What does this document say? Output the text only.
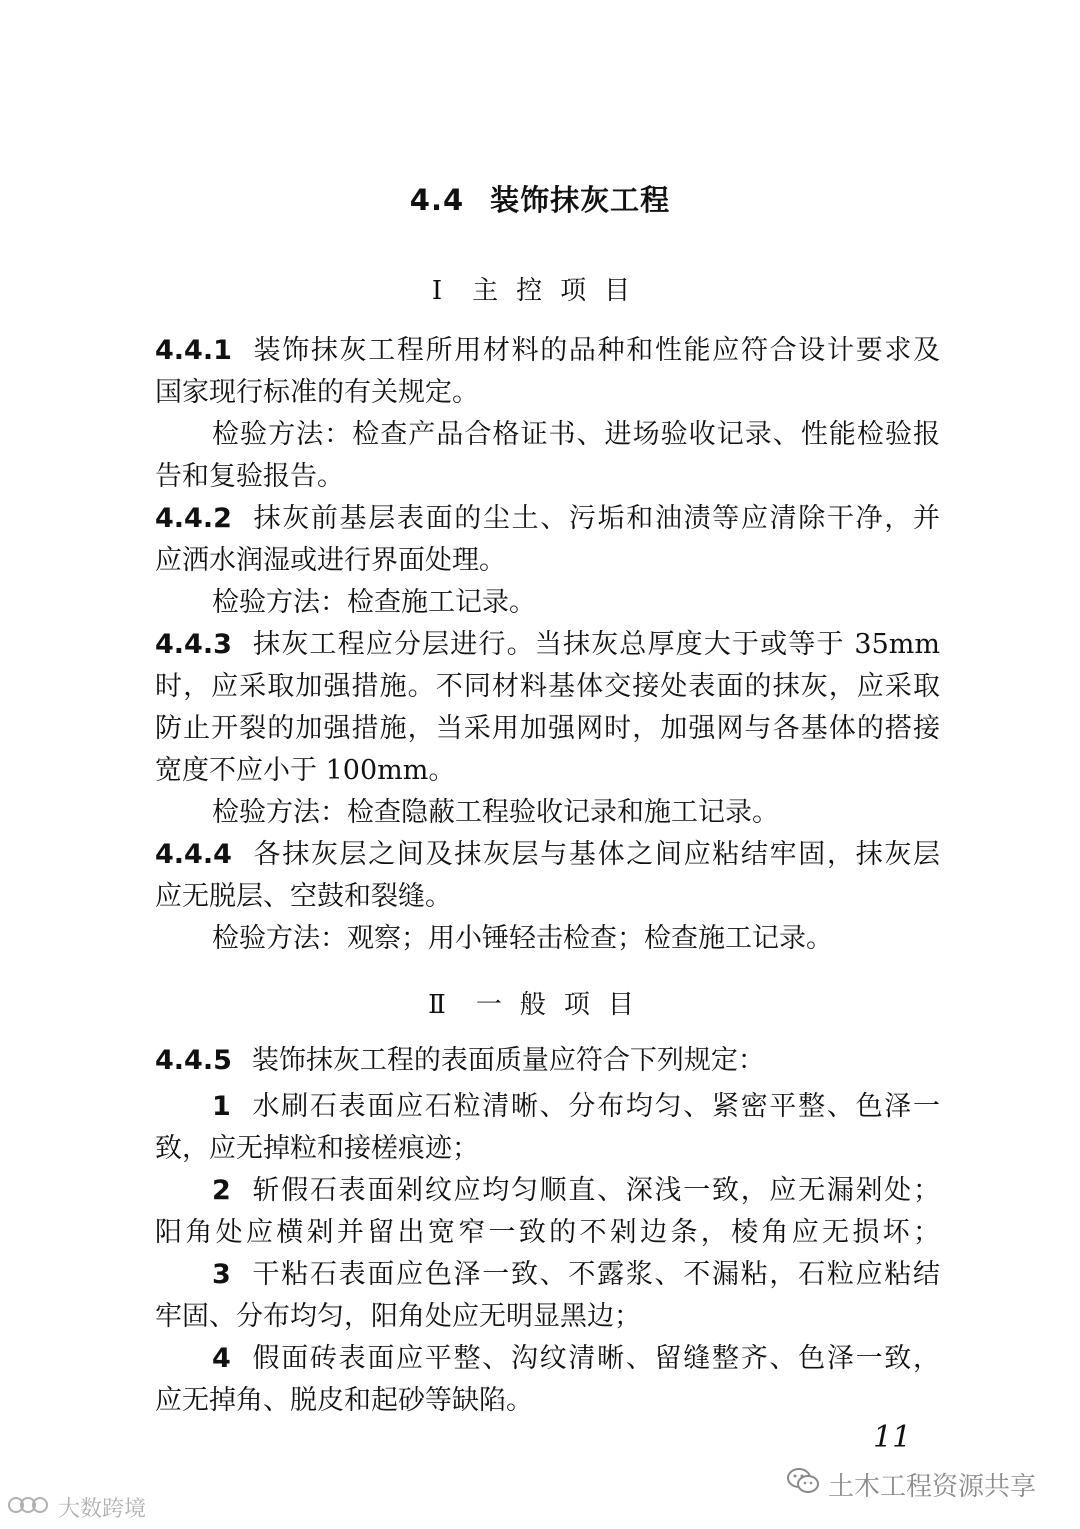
4.4 装饰抹灰工程
Ⅰ 主控项目
4.4.1 装饰抹灰工程所用材料的品种和性能应符合设计要求及
国家现行标准的有关规定。
检验方法：检查产品合格证书、进场验收记录、性能检验报
告和复验报告。
4.4.2 抹灰前基层表面的尘土、污垢和油渍等应清除干净，并
应洒水润湿或进行界面处理。
检验方法：检查施工记录。
4.4.3 抹灰工程应分层进行。当抹灰总厚度大于或等于 35mm
时，应采取加强措施。不同材料基体交接处表面的抹灰，应采取
防止开裂的加强措施，当采用加强网时，加强网与各基体的搭接
宽度不应小于 100mm。
检验方法：检查隐蔽工程验收记录和施工记录。
4.4.4 各抹灰层之间及抹灰层与基体之间应粘结牢固，抹灰层
应无脱层、空鼓和裂缝。
检验方法：观察；用小锤轻击检查；检查施工记录。
Ⅱ 一般项目
4.4.5 装饰抹灰工程的表面质量应符合下列规定：
1 水刷石表面应石粒清晰、分布均匀、紧密平整、色泽一
致，应无掉粒和接槎痕迹；
2 斩假石表面剁纹应均匀顺直、深浅一致，应无漏剁处；
阳角处应横剁并留出宽窄一致的不剁边条，棱角应无损坏；
3 干粘石表面应色泽一致、不露浆、不漏粘，石粒应粘结
牢固、分布均匀，阳角处应无明显黑边；
4 假面砖表面应平整、沟纹清晰、留缝整齐、色泽一致，
应无掉角、脱皮和起砂等缺陷。
11
土木工程资源共享
大数跨境
